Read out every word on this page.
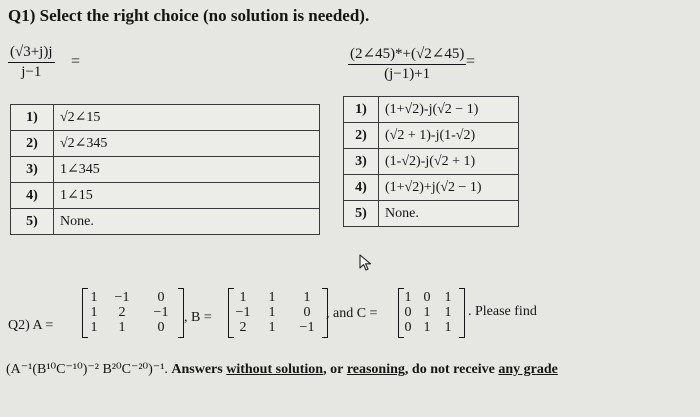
Q1) Select the right choice (no solution is needed).
$\frac{(√3+j)j}{j-1}$ =	$\frac{(2\angle 45)*+(√2\angle 45)}{(j-1)+1}$ =
1)	√2∠15
2)	√2∠345
3)	1∠345
4)	1∠15
5)	None.
1)	(1+√2)-j(√2 − 1)
2)	(√2 + 1)-j(1-√2)
3)	(1-√2)-j(√2 + 1)
4)	(1+√2)+j(√2 − 1)
5)	None.
Q2) A =
1	−1	0
1	2	−1
1	1	0
, B =
1	1	1
−1	1	0
2	1	−1
, and C =
1 0	1
0 1	1
0 1	1
. Please find
(A⁻¹(B¹⁰C⁻¹⁰)⁻² B²⁰C⁻²⁰)⁻¹. Answers without solution, or reasoning, do not receive any grade
